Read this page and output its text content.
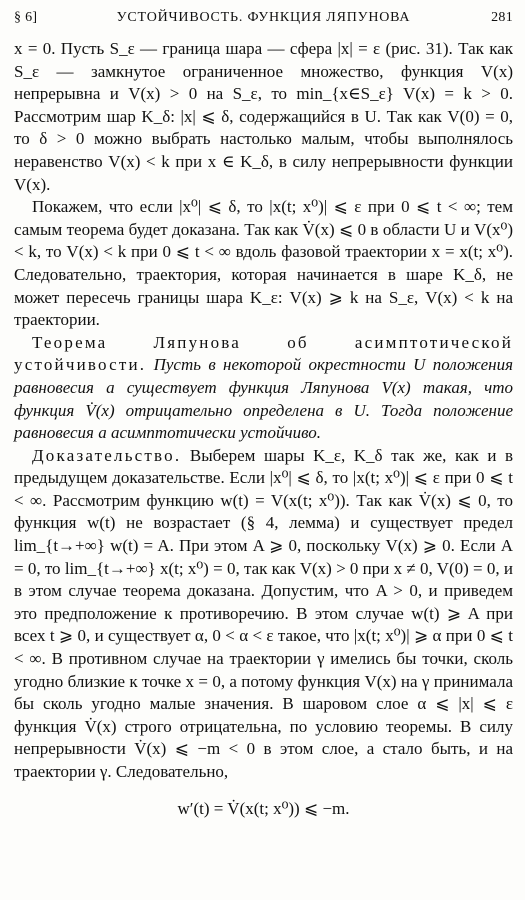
§ 6]	УСТОЙЧИВОСТЬ. ФУНКЦИЯ ЛЯПУНОВА	281

x = 0. Пусть S_ε — граница шара — сфера |x| = ε (рис. 31). Так как S_ε — замкнутое ограниченное множество, функция V(x) непрерывна и V(x) > 0 на S_ε, то min_{x∈S_ε} V(x) = k > 0. Рассмотрим шар K_δ: |x| ⩽ δ, содержащийся в U. Так как V(0) = 0, то δ > 0 можно выбрать настолько малым, чтобы выполнялось неравенство V(x) < k при x ∈ K_δ, в силу непрерывности функции V(x).

Покажем, что если |x⁰| ⩽ δ, то |x(t; x⁰)| ⩽ ε при 0 ⩽ t < ∞; тем самым теорема будет доказана. Так как V̇(x) ⩽ 0 в области U и V(x⁰) < k, то V(x) < k при 0 ⩽ t < ∞ вдоль фазовой траектории x = x(t; x⁰). Следовательно, траектория, которая начинается в шаре K_δ, не может пересечь границы шара K_ε: V(x) ⩾ k на S_ε, V(x) < k на траектории.

Теорема Ляпунова об асимптотической устойчивости. Пусть в некоторой окрестности U положения равновесия a существует функция Ляпунова V(x) такая, что функция V̇(x) отрицательно определена в U. Тогда положение равновесия a асимптотически устойчиво.

Доказательство. Выберем шары K_ε, K_δ так же, как и в предыдущем доказательстве. Если |x⁰| ⩽ δ, то |x(t; x⁰)| ⩽ ε при 0 ⩽ t < ∞. Рассмотрим функцию w(t) = V(x(t; x⁰)). Так как V̇(x) ⩽ 0, то функция w(t) не возрастает (§ 4, лемма) и существует предел lim_{t→+∞} w(t) = A. При этом A ⩾ 0, поскольку V(x) ⩾ 0. Если A = 0, то lim_{t→+∞} x(t; x⁰) = 0, так как V(x) > 0 при x ≠ 0, V(0) = 0, и в этом случае теорема доказана. Допустим, что A > 0, и приведем это предположение к противоречию. В этом случае w(t) ⩾ A при всех t ⩾ 0, и существует α, 0 < α < ε такое, что |x(t; x⁰)| ⩾ α при 0 ⩽ t < ∞. В противном случае на траектории γ имелись бы точки, сколь угодно близкие к точке x = 0, а потому функция V(x) на γ принимала бы сколь угодно малые значения. В шаровом слое α ⩽ |x| ⩽ ε функция V̇(x) строго отрицательна, по условию теоремы. В силу непрерывности V̇(x) ⩽ −m < 0 в этом слое, а стало быть, и на траектории γ. Следовательно,

w′(t) = V̇(x(t; x⁰)) ⩽ −m.
